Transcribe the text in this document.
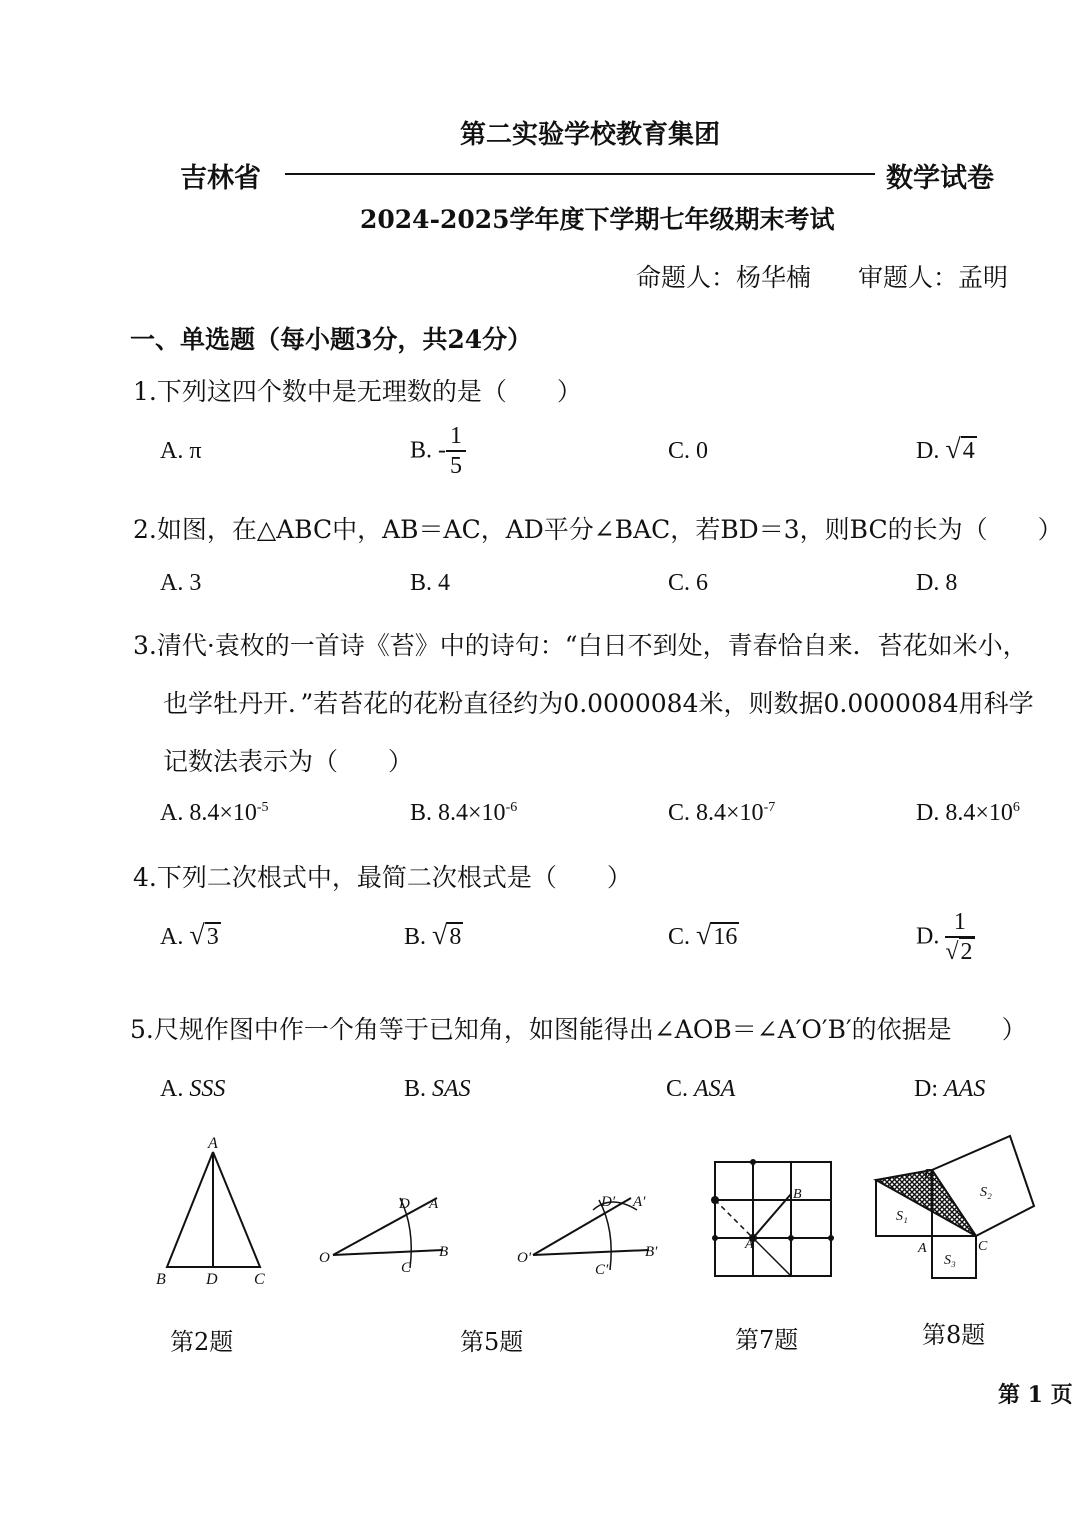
第二实验学校教育集团
吉林省	数学试卷
2024-2025学年度下学期七年级期末考试
命题人：杨华楠 审题人：孟明
一、单选题（每小题3分，共24分）
1.下列这四个数中是无理数的是（　　）
A. π	B. - $\frac{1}{5}$	C. 0	D. √4
2.如图，在△ABC中，AB＝AC，AD平分∠BAC，若BD＝3，则BC的长为（　　）
A. 3	B. 4	C. 6	D. 8
3.清代·袁枚的一首诗《苔》中的诗句：“白日不到处，青春恰自来．苔花如米小，
也学牡丹开．”若苔花的花粉直径约为0.0000084米，则数据0.0000084用科学
记数法表示为（　　）
A. $8.4\times 10^{-5}$	B. $8.4\times 10^{-6}$	C. $8.4\times 10^{-7}$	D. $8.4\times 10^6$
4.下列二次根式中，最简二次根式是（　　）
A. √3	B. √8	C. √16	D. $\frac{1}{√2}$
5.尺规作图中作一个角等于已知角，如图能得出∠AOB＝∠A′O′B′的依据是　　）
A. SSS	B. SAS	C. ASA	D: AAS
A
B	D C
O
D A
C
B	O′
D′ A′
C′
B′
B
A
B
S₁
S₂
A	C
S₃
第2题	第5题	第7题	第8题
第 1 页
